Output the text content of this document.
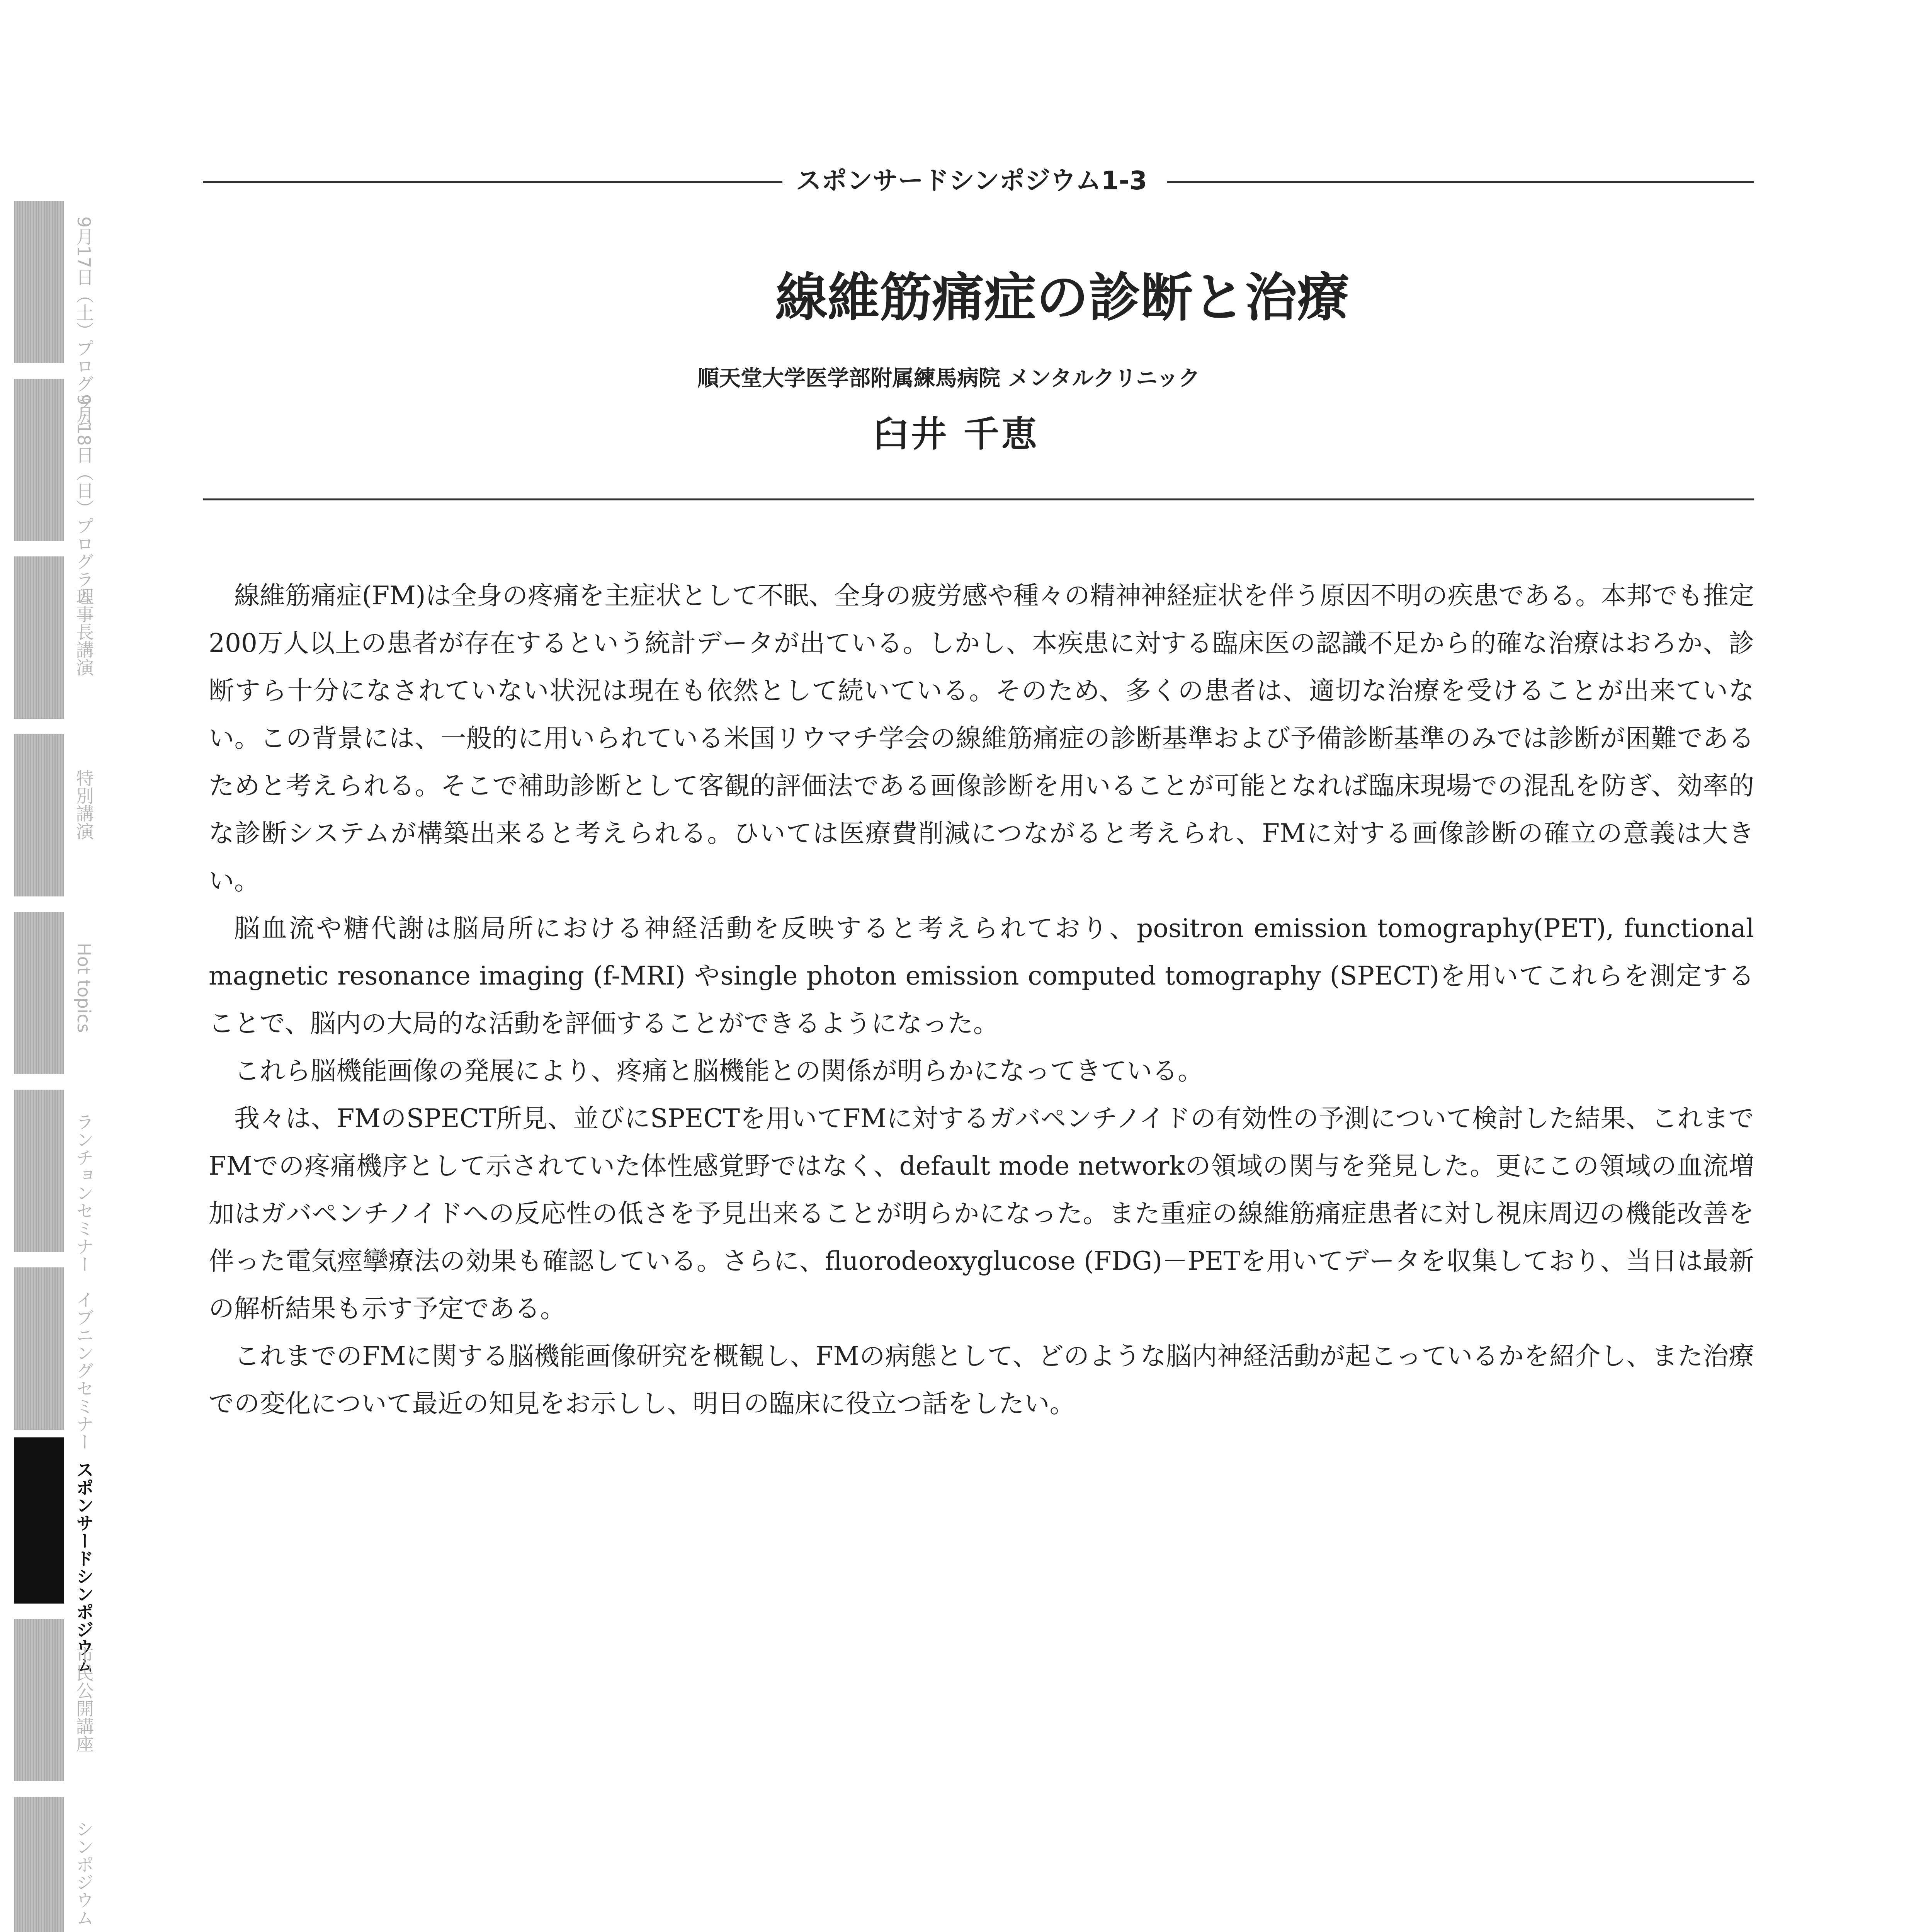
9月17日（土）プログラム
9月18日（日）プログラム
理事長講演
特別講演
Hot topics
ランチョンセミナー
イブニングセミナー
スポンサードシンポジウム
市民公開講座
シンポジウム
スポンサードシンポジウム1-3
線維筋痛症の診断と治療
順天堂大学医学部附属練馬病院 メンタルクリニック
臼井 千恵

線維筋痛症(FM)は全身の疼痛を主症状として不眠、全身の疲労感や種々の精神神経症状を伴う原因不明の疾患である。本邦でも推定200万人以上の患者が存在するという統計データが出ている。しかし、本疾患に対する臨床医の認識不足から的確な治療はおろか、診断すら十分になされていない状況は現在も依然として続いている。そのため、多くの患者は、適切な治療を受けることが出来ていない。この背景には、一般的に用いられている米国リウマチ学会の線維筋痛症の診断基準および予備診断基準のみでは診断が困難であるためと考えられる。そこで補助診断として客観的評価法である画像診断を用いることが可能となれば臨床現場での混乱を防ぎ、効率的な診断システムが構築出来ると考えられる。ひいては医療費削減につながると考えられ、FMに対する画像診断の確立の意義は大きい。

脳血流や糖代謝は脳局所における神経活動を反映すると考えられており、positron emission tomography(PET), functional magnetic resonance imaging (f-MRI) やsingle photon emission computed tomography (SPECT)を用いてこれらを測定することで、脳内の大局的な活動を評価することができるようになった。

これら脳機能画像の発展により、疼痛と脳機能との関係が明らかになってきている。

我々は、FMのSPECT所見、並びにSPECTを用いてFMに対するガバペンチノイドの有効性の予測について検討した結果、これまでFMでの疼痛機序として示されていた体性感覚野ではなく、default mode networkの領域の関与を発見した。更にこの領域の血流増加はガバペンチノイドへの反応性の低さを予見出来ることが明らかになった。また重症の線維筋痛症患者に対し視床周辺の機能改善を伴った電気痙攣療法の効果も確認している。さらに、fluorodeoxyglucose (FDG)－PETを用いてデータを収集しており、当日は最新の解析結果も示す予定である。

これまでのFMに関する脳機能画像研究を概観し、FMの病態として、どのような脳内神経活動が起こっているかを紹介し、また治療での変化について最近の知見をお示しし、明日の臨床に役立つ話をしたい。
